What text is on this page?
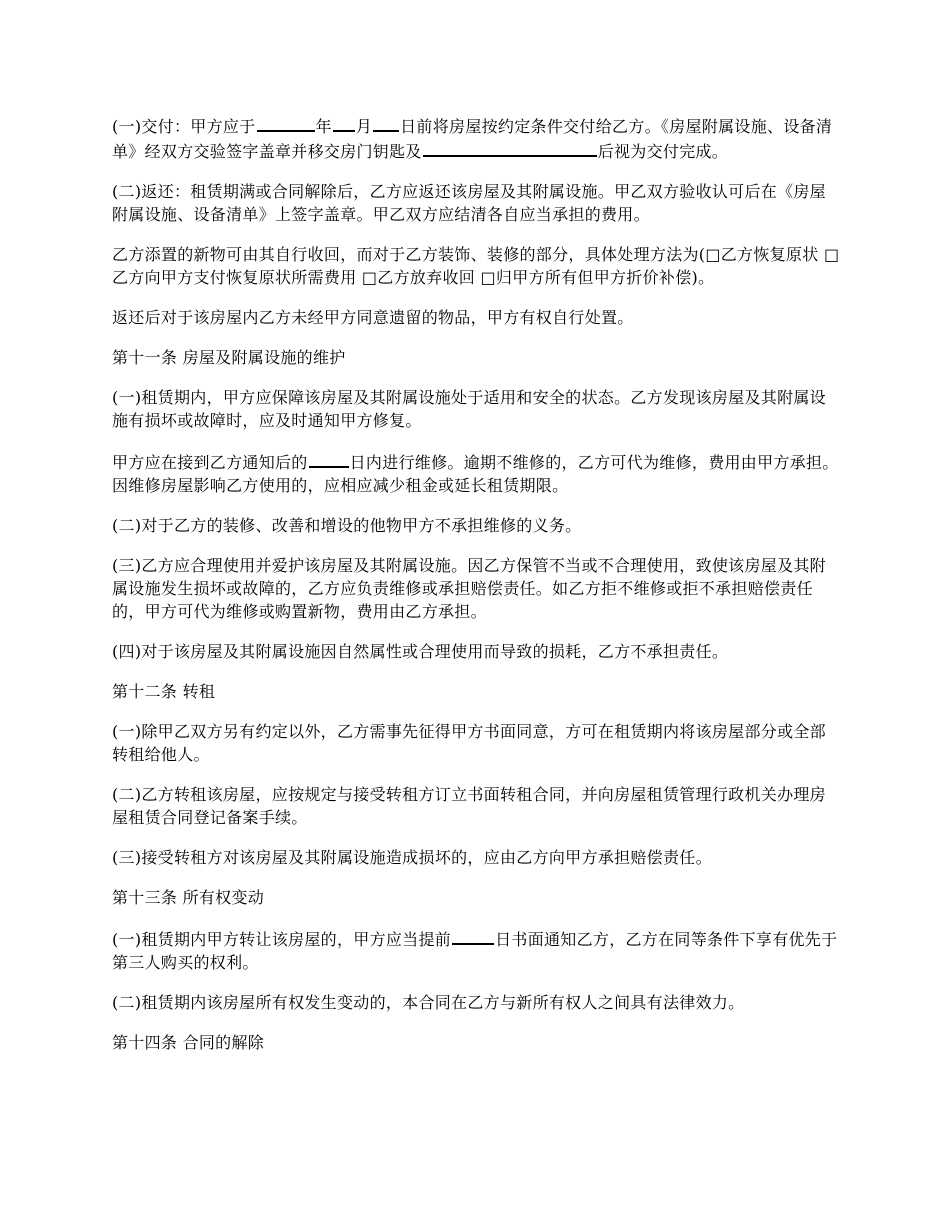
(一)交付：甲方应于	年 月 日前将房屋按约定条件交付给乙方。《房屋附属设施、设备清单》经双方交验签字盖章并移交房门钥匙及	后视为交付完成。

(二)返还：租赁期满或合同解除后，乙方应返还该房屋及其附属设施。甲乙双方验收认可后在《房屋附属设施、设备清单》上签字盖章。甲乙双方应结清各自应当承担的费用。

乙方添置的新物可由其自行收回，而对于乙方装饰、装修的部分，具体处理方法为(□乙方恢复原状 □ 乙方向甲方支付恢复原状所需费用 □乙方放弃收回 □归甲方所有但甲方折价补偿)。

返还后对于该房屋内乙方未经甲方同意遗留的物品，甲方有权自行处置。

第十一条 房屋及附属设施的维护

(一)租赁期内，甲方应保障该房屋及其附属设施处于适用和安全的状态。乙方发现该房屋及其附属设施有损坏或故障时，应及时通知甲方修复。

甲方应在接到乙方通知后的	日内进行维修。逾期不维修的，乙方可代为维修，费用由甲方承担。因维修房屋影响乙方使用的，应相应减少租金或延长租赁期限。

(二)对于乙方的装修、改善和增设的他物甲方不承担维修的义务。

(三)乙方应合理使用并爱护该房屋及其附属设施。因乙方保管不当或不合理使用，致使该房屋及其附属设施发生损坏或故障的，乙方应负责维修或承担赔偿责任。如乙方拒不维修或拒不承担赔偿责任的，甲方可代为维修或购置新物，费用由乙方承担。

(四)对于该房屋及其附属设施因自然属性或合理使用而导致的损耗，乙方不承担责任。

第十二条 转租

(一)除甲乙双方另有约定以外，乙方需事先征得甲方书面同意，方可在租赁期内将该房屋部分或全部转租给他人。

(二)乙方转租该房屋，应按规定与接受转租方订立书面转租合同，并向房屋租赁管理行政机关办理房屋租赁合同登记备案手续。

(三)接受转租方对该房屋及其附属设施造成损坏的，应由乙方向甲方承担赔偿责任。

第十三条 所有权变动

(一)租赁期内甲方转让该房屋的，甲方应当提前	日书面通知乙方，乙方在同等条件下享有优先于第三人购买的权利。

(二)租赁期内该房屋所有权发生变动的，本合同在乙方与新所有权人之间具有法律效力。

第十四条 合同的解除
